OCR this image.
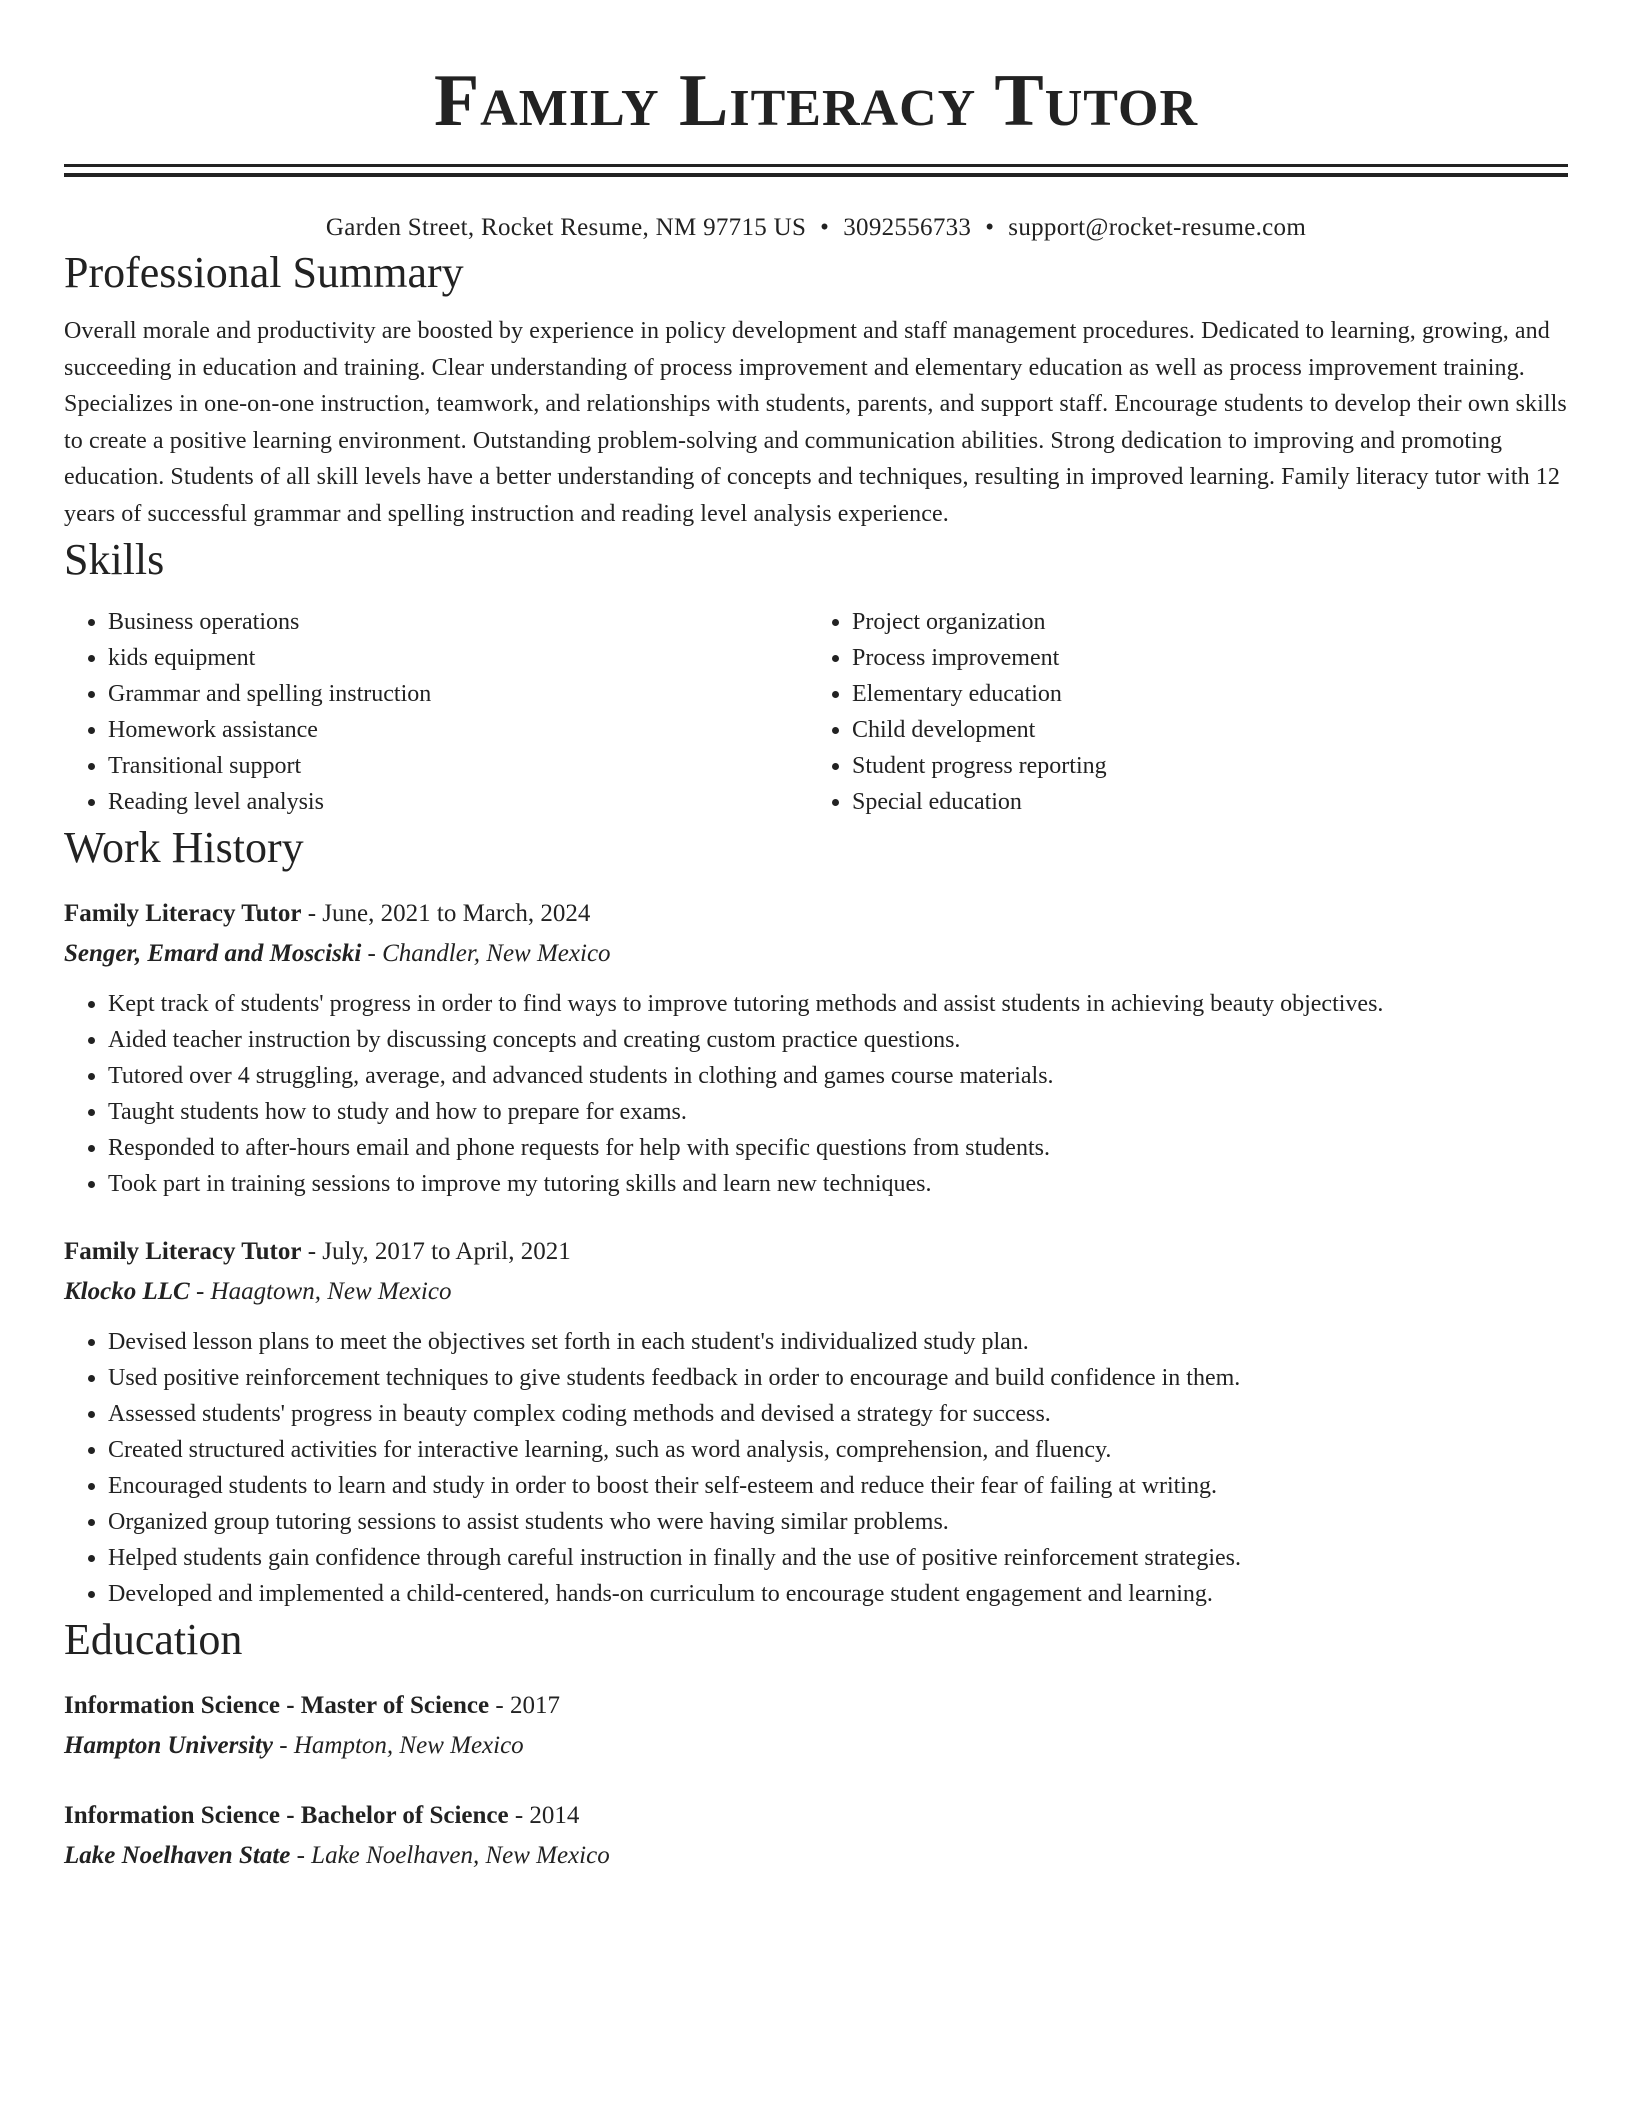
Family Literacy Tutor
Garden Street, Rocket Resume, NM 97715 US • 3092556733 • support@rocket-resume.com
Professional Summary
Overall morale and productivity are boosted by experience in policy development and staff management procedures. Dedicated to learning, growing, and succeeding in education and training. Clear understanding of process improvement and elementary education as well as process improvement training. Specializes in one-on-one instruction, teamwork, and relationships with students, parents, and support staff. Encourage students to develop their own skills to create a positive learning environment. Outstanding problem-solving and communication abilities. Strong dedication to improving and promoting education. Students of all skill levels have a better understanding of concepts and techniques, resulting in improved learning. Family literacy tutor with 12 years of successful grammar and spelling instruction and reading level analysis experience.
Skills
• Business operations
• kids equipment
• Grammar and spelling instruction
• Homework assistance
• Transitional support
• Reading level analysis
• Project organization
• Process improvement
• Elementary education
• Child development
• Student progress reporting
• Special education
Work History
Family Literacy Tutor - June, 2021 to March, 2024
Senger, Emard and Mosciski - Chandler, New Mexico
• Kept track of students' progress in order to find ways to improve tutoring methods and assist students in achieving beauty objectives.
• Aided teacher instruction by discussing concepts and creating custom practice questions.
• Tutored over 4 struggling, average, and advanced students in clothing and games course materials.
• Taught students how to study and how to prepare for exams.
• Responded to after-hours email and phone requests for help with specific questions from students.
• Took part in training sessions to improve my tutoring skills and learn new techniques.
Family Literacy Tutor - July, 2017 to April, 2021
Klocko LLC - Haagtown, New Mexico
• Devised lesson plans to meet the objectives set forth in each student's individualized study plan.
• Used positive reinforcement techniques to give students feedback in order to encourage and build confidence in them.
• Assessed students' progress in beauty complex coding methods and devised a strategy for success.
• Created structured activities for interactive learning, such as word analysis, comprehension, and fluency.
• Encouraged students to learn and study in order to boost their self-esteem and reduce their fear of failing at writing.
• Organized group tutoring sessions to assist students who were having similar problems.
• Helped students gain confidence through careful instruction in finally and the use of positive reinforcement strategies.
• Developed and implemented a child-centered, hands-on curriculum to encourage student engagement and learning.
Education
Information Science - Master of Science - 2017
Hampton University - Hampton, New Mexico
Information Science - Bachelor of Science - 2014
Lake Noelhaven State - Lake Noelhaven, New Mexico
